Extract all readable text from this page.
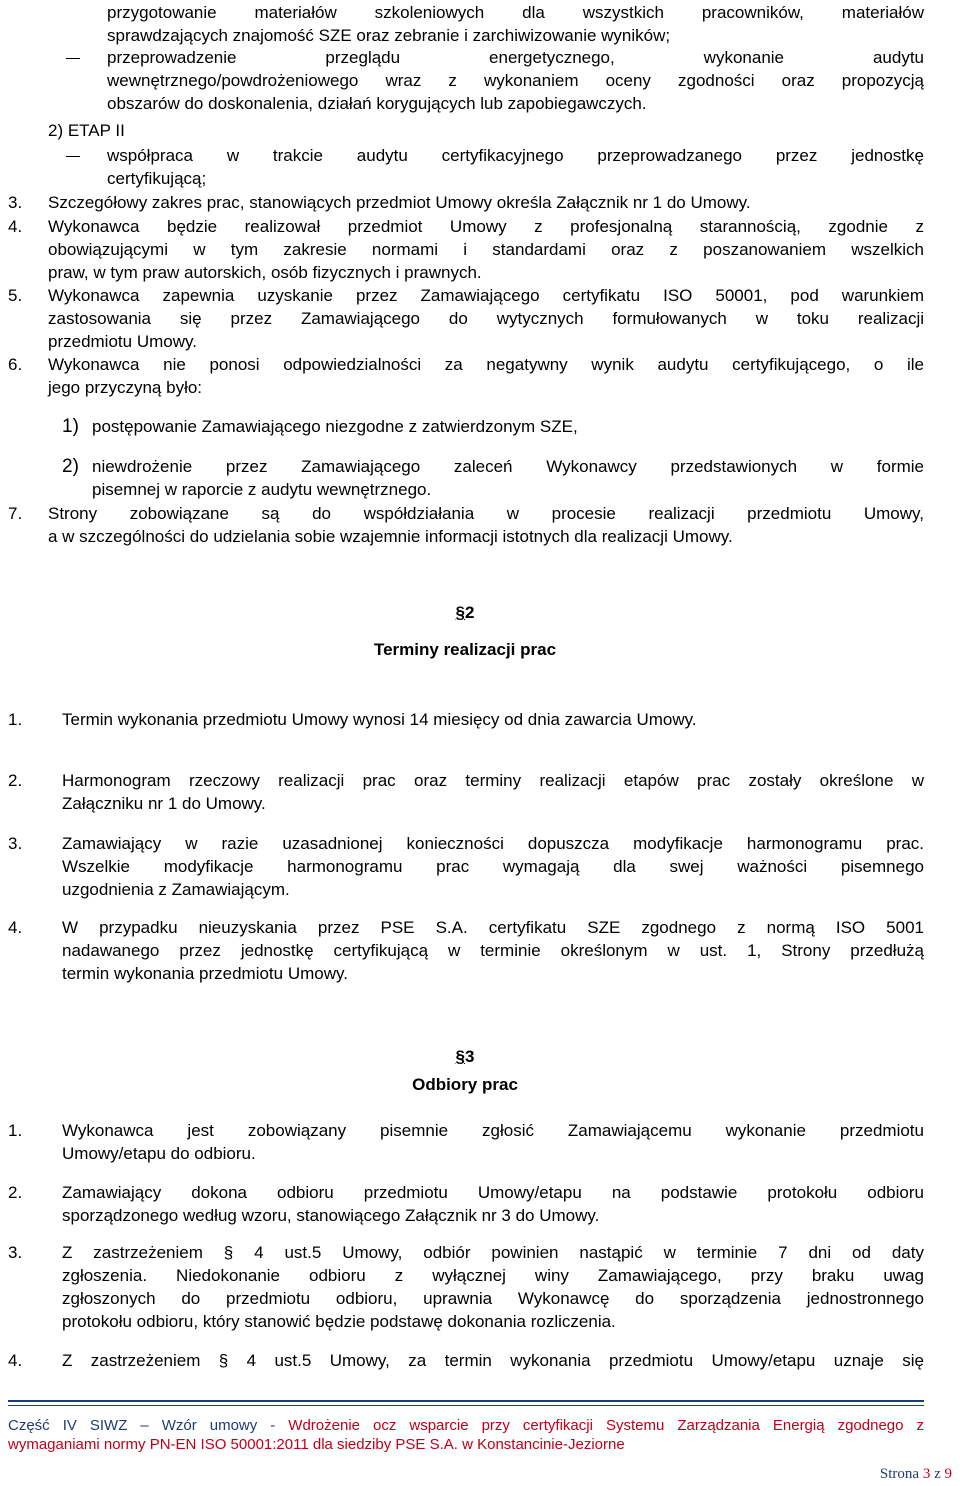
przygotowanie materiałów szkoleniowych dla wszystkich pracowników, materiałów
sprawdzających znajomość SZE oraz zebranie i zarchiwizowanie wyników;
przeprowadzenie przeglądu energetycznego, wykonanie audytu
wewnętrznego/powdrożeniowego wraz z wykonaniem oceny zgodności oraz propozycją
obszarów do doskonalenia, działań korygujących lub zapobiegawczych.
2) ETAP II
współpraca w trakcie audytu certyfikacyjnego przeprowadzanego przez jednostkę
certyfikującą;
3. Szczegółowy zakres prac, stanowiących przedmiot Umowy określa Załącznik nr 1 do Umowy.
4. Wykonawca będzie realizował przedmiot Umowy z profesjonalną starannością, zgodnie z
obowiązującymi w tym zakresie normami i standardami oraz z poszanowaniem wszelkich
praw, w tym praw autorskich, osób fizycznych i prawnych.
5. Wykonawca zapewnia uzyskanie przez Zamawiającego certyfikatu ISO 50001, pod warunkiem
zastosowania się przez Zamawiającego do wytycznych formułowanych w toku realizacji
przedmiotu Umowy.
6. Wykonawca nie ponosi odpowiedzialności za negatywny wynik audytu certyfikującego, o ile
jego przyczyną było:
1) postępowanie Zamawiającego niezgodne z zatwierdzonym SZE,
2) niewdrożenie przez Zamawiającego zaleceń Wykonawcy przedstawionych w formie
pisemnej w raporcie z audytu wewnętrznego.
7. Strony zobowiązane są do współdziałania w procesie realizacji przedmiotu Umowy,
a w szczególności do udzielania sobie wzajemnie informacji istotnych dla realizacji Umowy.
§2
Terminy realizacji prac
1. Termin wykonania przedmiotu Umowy wynosi 14 miesięcy od dnia zawarcia Umowy.
2. Harmonogram rzeczowy realizacji prac oraz terminy realizacji etapów prac zostały określone w
Załączniku nr 1 do Umowy.
3. Zamawiający w razie uzasadnionej konieczności dopuszcza modyfikacje harmonogramu prac.
Wszelkie modyfikacje harmonogramu prac wymagają dla swej ważności pisemnego
uzgodnienia z Zamawiającym.
4. W przypadku nieuzyskania przez PSE S.A. certyfikatu SZE zgodnego z normą ISO 5001
nadawanego przez jednostkę certyfikującą w terminie określonym w ust. 1, Strony przedłużą
termin wykonania przedmiotu Umowy.
§3
Odbiory prac
1. Wykonawca jest zobowiązany pisemnie zgłosić Zamawiającemu wykonanie przedmiotu
Umowy/etapu do odbioru.
2. Zamawiający dokona odbioru przedmiotu Umowy/etapu na podstawie protokołu odbioru
sporządzonego według wzoru, stanowiącego Załącznik nr 3 do Umowy.
3. Z zastrzeżeniem § 4 ust.5 Umowy, odbiór powinien nastąpić w terminie 7 dni od daty
zgłoszenia. Niedokonanie odbioru z wyłącznej winy Zamawiającego, przy braku uwag
zgłoszonych do przedmiotu odbioru, uprawnia Wykonawcę do sporządzenia jednostronnego
protokołu odbioru, który stanowić będzie podstawę dokonania rozliczenia.
4. Z zastrzeżeniem § 4 ust.5 Umowy, za termin wykonania przedmiotu Umowy/etapu uznaje się
Część IV SIWZ – Wzór umowy - Wdrożenie ocz wsparcie przy certyfikacji Systemu Zarządzania Energią zgodnego z
wymaganiami normy PN-EN ISO 50001:2011 dla siedziby PSE S.A. w Konstancinie-Jeziorne
Strona 3 z 9
